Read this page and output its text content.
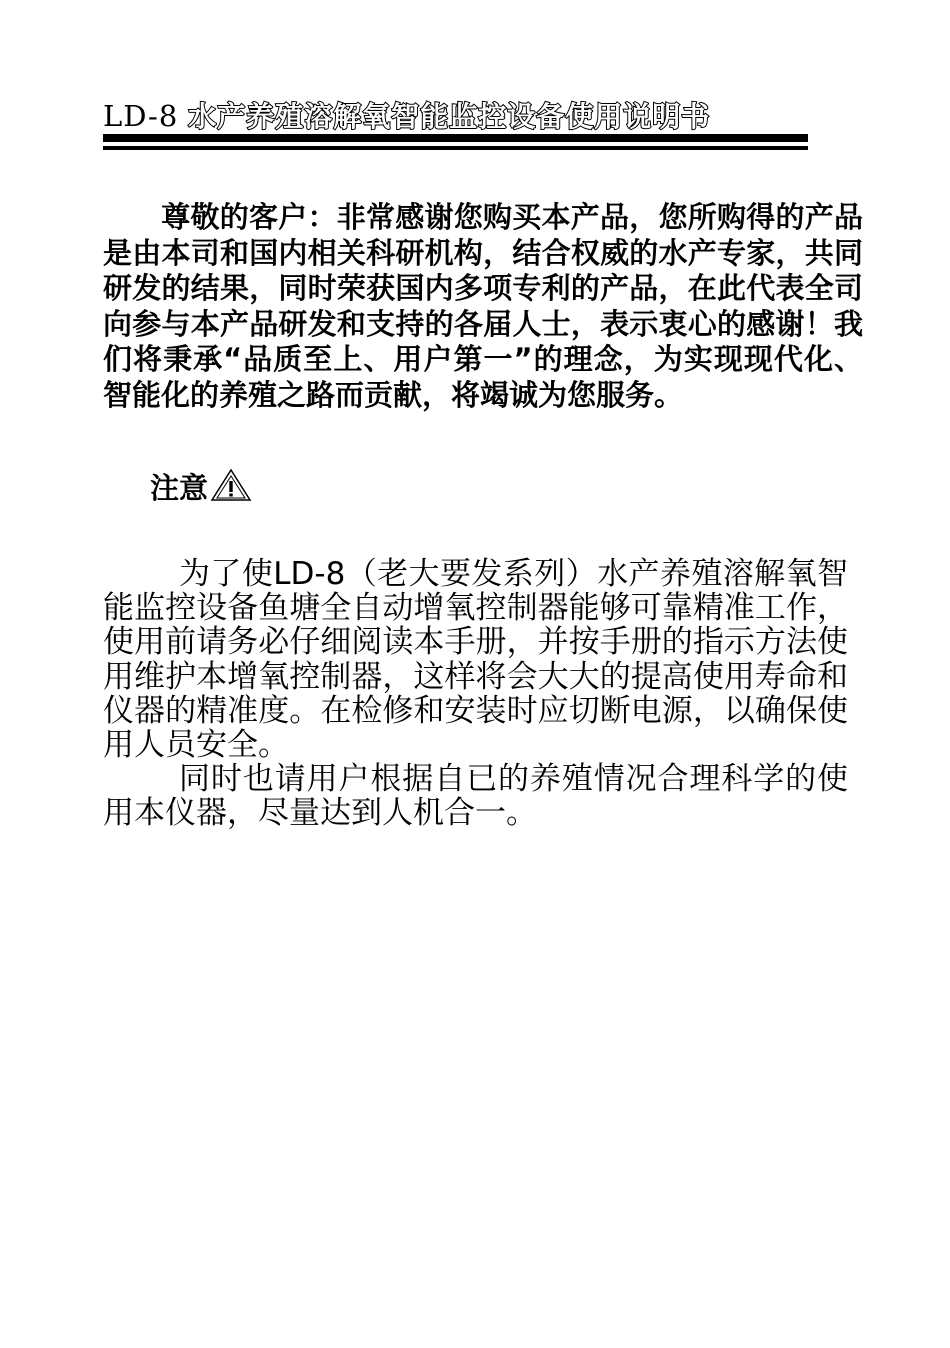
LD-8 水产养殖溶解氧智能监控设备使用说明书

尊敬的客户：非常感谢您购买本产品，您所购得的产品是由本司和国内相关科研机构，结合权威的水产专家，共同研发的结果，同时荣获国内多项专利的产品，在此代表全司向参与本产品研发和支持的各届人士，表示衷心的感谢！我们将秉承“品质至上、用户第一”的理念，为实现现代化、智能化的养殖之路而贡献，将竭诚为您服务。

注意

为了使LD-8（老大要发系列）水产养殖溶解氧智能监控设备鱼塘全自动增氧控制器能够可靠精准工作，使用前请务必仔细阅读本手册，并按手册的指示方法使用维护本增氧控制器，这样将会大大的提高使用寿命和仪器的精准度。在检修和安装时应切断电源，以确保使用人员安全。

同时也请用户根据自已的养殖情况合理科学的使用本仪器，尽量达到人机合一。
